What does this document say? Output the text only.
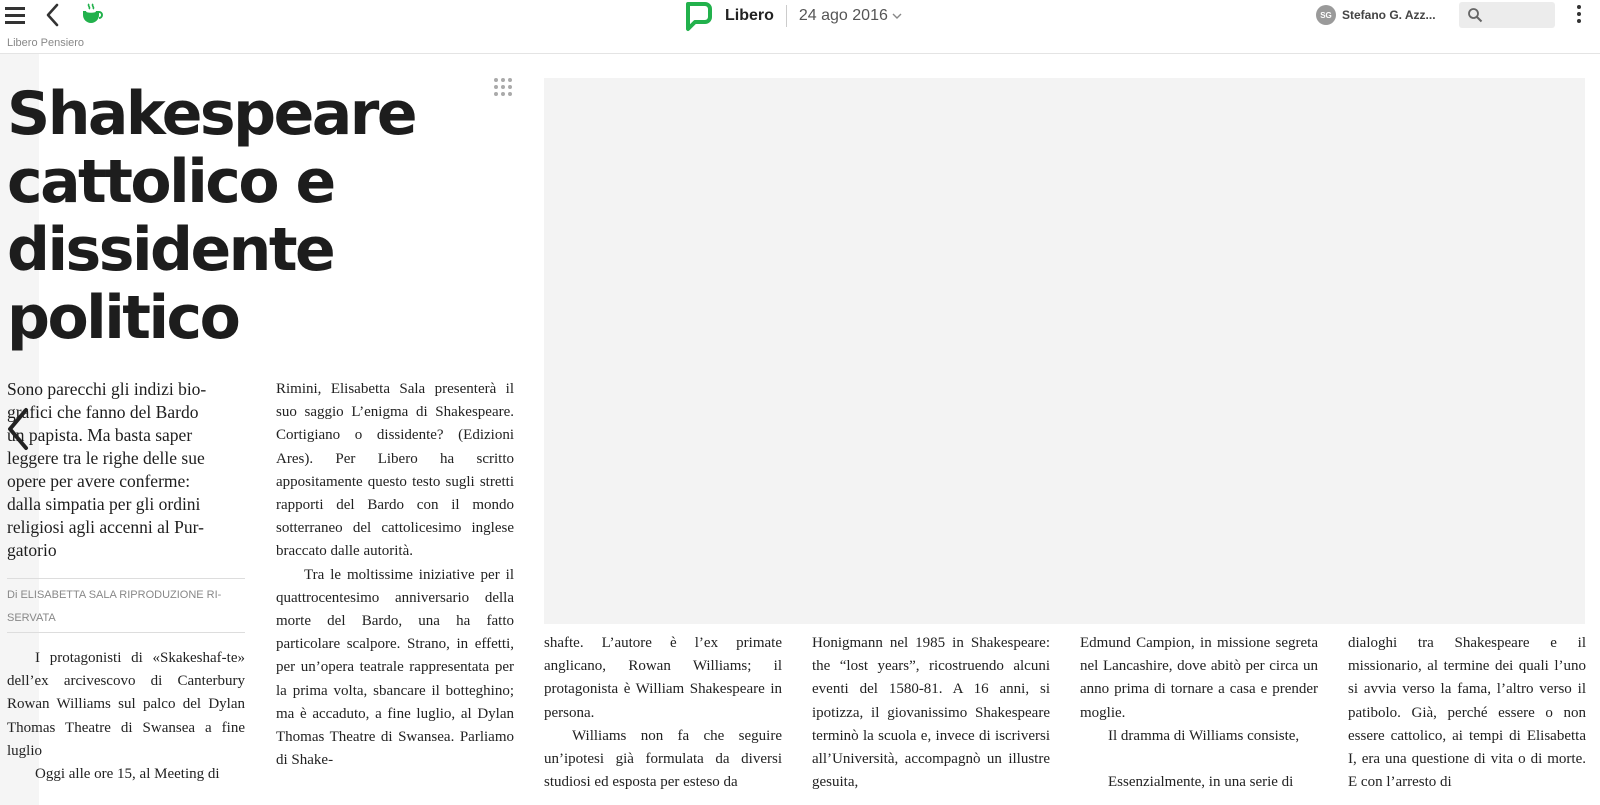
Libero 24 ago 2016	SG Stefano G. Azz...
Libero Pensiero
Shakespeare
cattolico e
dissidente
politico
Sono parecchi gli indizi bio-
grafici che fanno del Bardo
un papista. Ma basta saper
leggere tra le righe delle sue
opere per avere conferme:
dalla simpatia per gli ordini
religiosi agli accenni al Pur-
gatorio
Di ELISABETTA SALA RIPRODUZIONE RI-
SERVATA

I protagonisti di «Skakeshaf-te» dell’ex arcivescovo di Canterbury Rowan Williams sul palco del Dylan Thomas Theatre di Swansea a fine luglio

Oggi alle ore 15, al Meeting di

Rimini, Elisabetta Sala presenterà il suo saggio L’enigma di Shakespeare. Cortigiano o dissidente? (Edizioni Ares). Per Libero ha scritto appositamente questo testo sugli stretti rapporti del Bardo con il mondo sotterraneo del cattolicesimo inglese braccato dalle autorità.

Tra le moltissime iniziative per il quattrocentesimo anniversario della morte del Bardo, una ha fatto particolare scalpore. Strano, in effetti, per un’opera teatrale rappresentata per la prima volta, sbancare il botteghino; ma è accaduto, a fine luglio, al Dylan Thomas Theatre di Swansea. Parliamo di Shake-

shafte. L’autore è l’ex primate anglicano, Rowan Williams; il protagonista è William Shakespeare in persona.

Williams non fa che seguire un’ipotesi già formulata da diversi studiosi ed esposta per esteso da

Honigmann nel 1985 in Shakespeare: the “lost years”, ricostruendo alcuni eventi del 1580-81. A 16 anni, si ipotizza, il giovanissimo Shakespeare terminò la scuola e, invece di iscriversi all’Università, accompagnò un illustre gesuita,

Edmund Campion, in missione segreta nel Lancashire, dove abitò per circa un anno prima di tornare a casa e prender moglie.

Il dramma di Williams consiste,

Essenzialmente, in una serie di

dialoghi tra Shakespeare e il missionario, al termine dei quali l’uno si avvia verso la fama, l’altro verso il patibolo. Già, perché essere o non essere cattolico, ai tempi di Elisabetta I, era una questione di vita o di morte. E con l’arresto di
